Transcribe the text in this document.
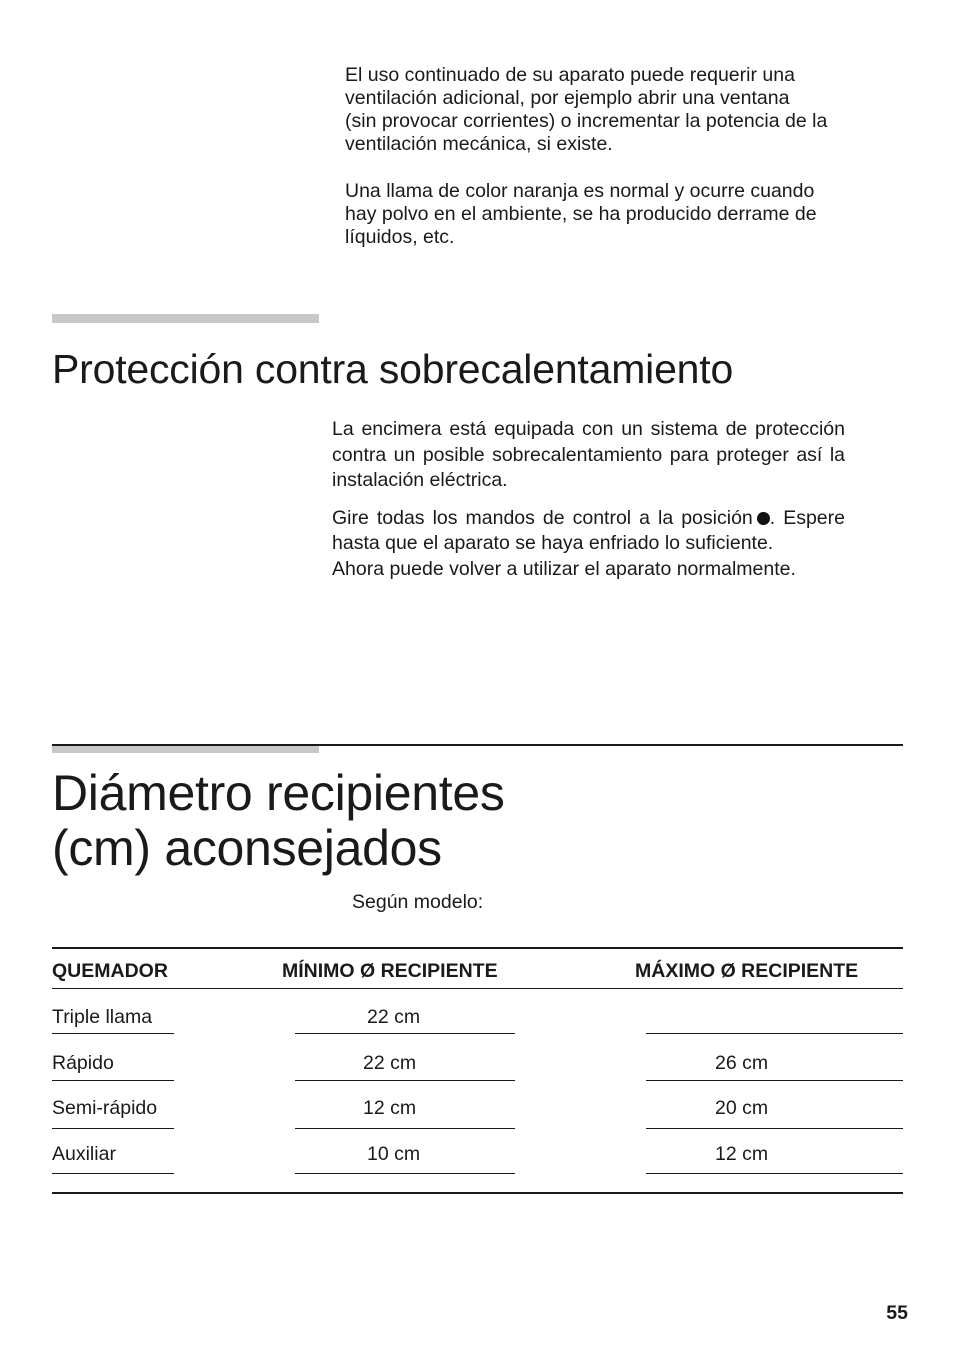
El uso continuado de su aparato puede requerir una
ventilación adicional, por ejemplo abrir una ventana
(sin provocar corrientes) o incrementar la potencia de la
ventilación mecánica, si existe.

Una llama de color naranja es normal y ocurre cuando
hay polvo en el ambiente, se ha producido derrame de
líquidos, etc.

Protección contra sobrecalentamiento

La encimera está equipada con un sistema de protección contra un posible sobrecalentamiento para proteger así la instalación eléctrica.

Gire todas los mandos de control a la posición . Espere hasta que el aparato se haya enfriado lo suficiente.

Ahora puede volver a utilizar el aparato normalmente.

Diámetro recipientes
(cm) aconsejados
Según modelo:
QUEMADOR	MÍNIMO Ø RECIPIENTE	MÁXIMO Ø RECIPIENTE
Triple llama	22 cm
Rápido	22 cm	26 cm
Semi-rápido	12 cm	20 cm
Auxiliar	10 cm	12 cm
55
